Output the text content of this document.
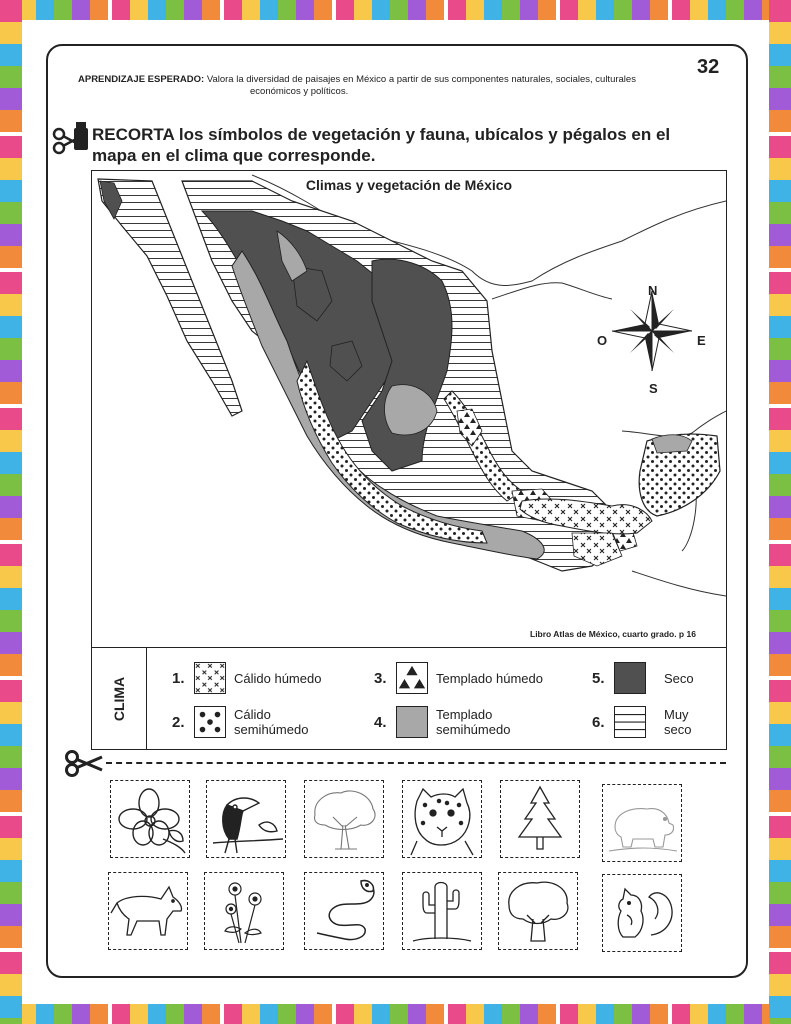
32
APRENDIZAJE ESPERADO: Valora la diversidad de paisajes en México a partir de sus componentes naturales, sociales, culturales
económicos y políticos.
RECORTA los símbolos de vegetación y fauna, ubícalos y pégalos en el
mapa en el clima que corresponde.
Climas y vegetación de México
N
S
E
O
Libro Atlas de México, cuarto grado. p 16
CLIMA	1.	Cálido húmedo
2.	Cálido
semihúmedo
3.	Templado húmedo
4.	Templado
semihúmedo
5.	Seco
6.	Muy
seco
